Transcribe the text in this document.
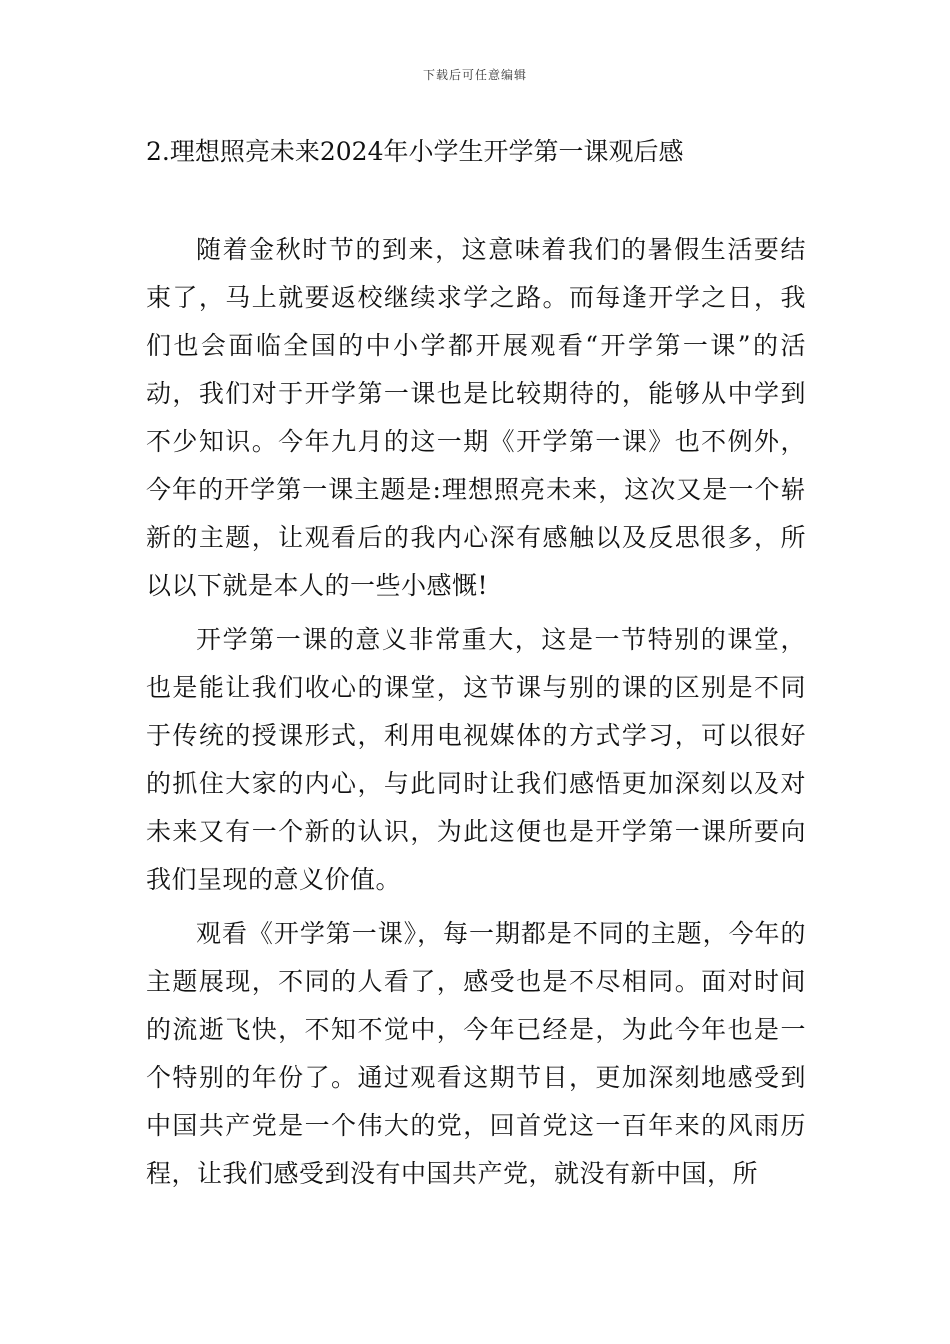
下载后可任意编辑
2.理想照亮未来2024年小学生开学第一课观后感

随着金秋时节的到来，这意味着我们的暑假生活要结束了，马上就要返校继续求学之路。而每逢开学之日，我们也会面临全国的中小学都开展观看“开学第一课”的活动，我们对于开学第一课也是比较期待的，能够从中学到不少知识。今年九月的这一期《开学第一课》也不例外，今年的开学第一课主题是:理想照亮未来，这次又是一个崭新的主题，让观看后的我内心深有感触以及反思很多，所以以下就是本人的一些小感慨!

开学第一课的意义非常重大，这是一节特别的课堂，也是能让我们收心的课堂，这节课与别的课的区别是不同于传统的授课形式，利用电视媒体的方式学习，可以很好的抓住大家的内心，与此同时让我们感悟更加深刻以及对未来又有一个新的认识，为此这便也是开学第一课所要向我们呈现的意义价值。

观看《开学第一课》，每一期都是不同的主题，今年的主题展现，不同的人看了，感受也是不尽相同。面对时间的流逝飞快，不知不觉中，今年已经是，为此今年也是一个特别的年份了。通过观看这期节目，更加深刻地感受到中国共产党是一个伟大的党，回首党这一百年来的风雨历程，让我们感受到没有中国共产党，就没有新中国，所
